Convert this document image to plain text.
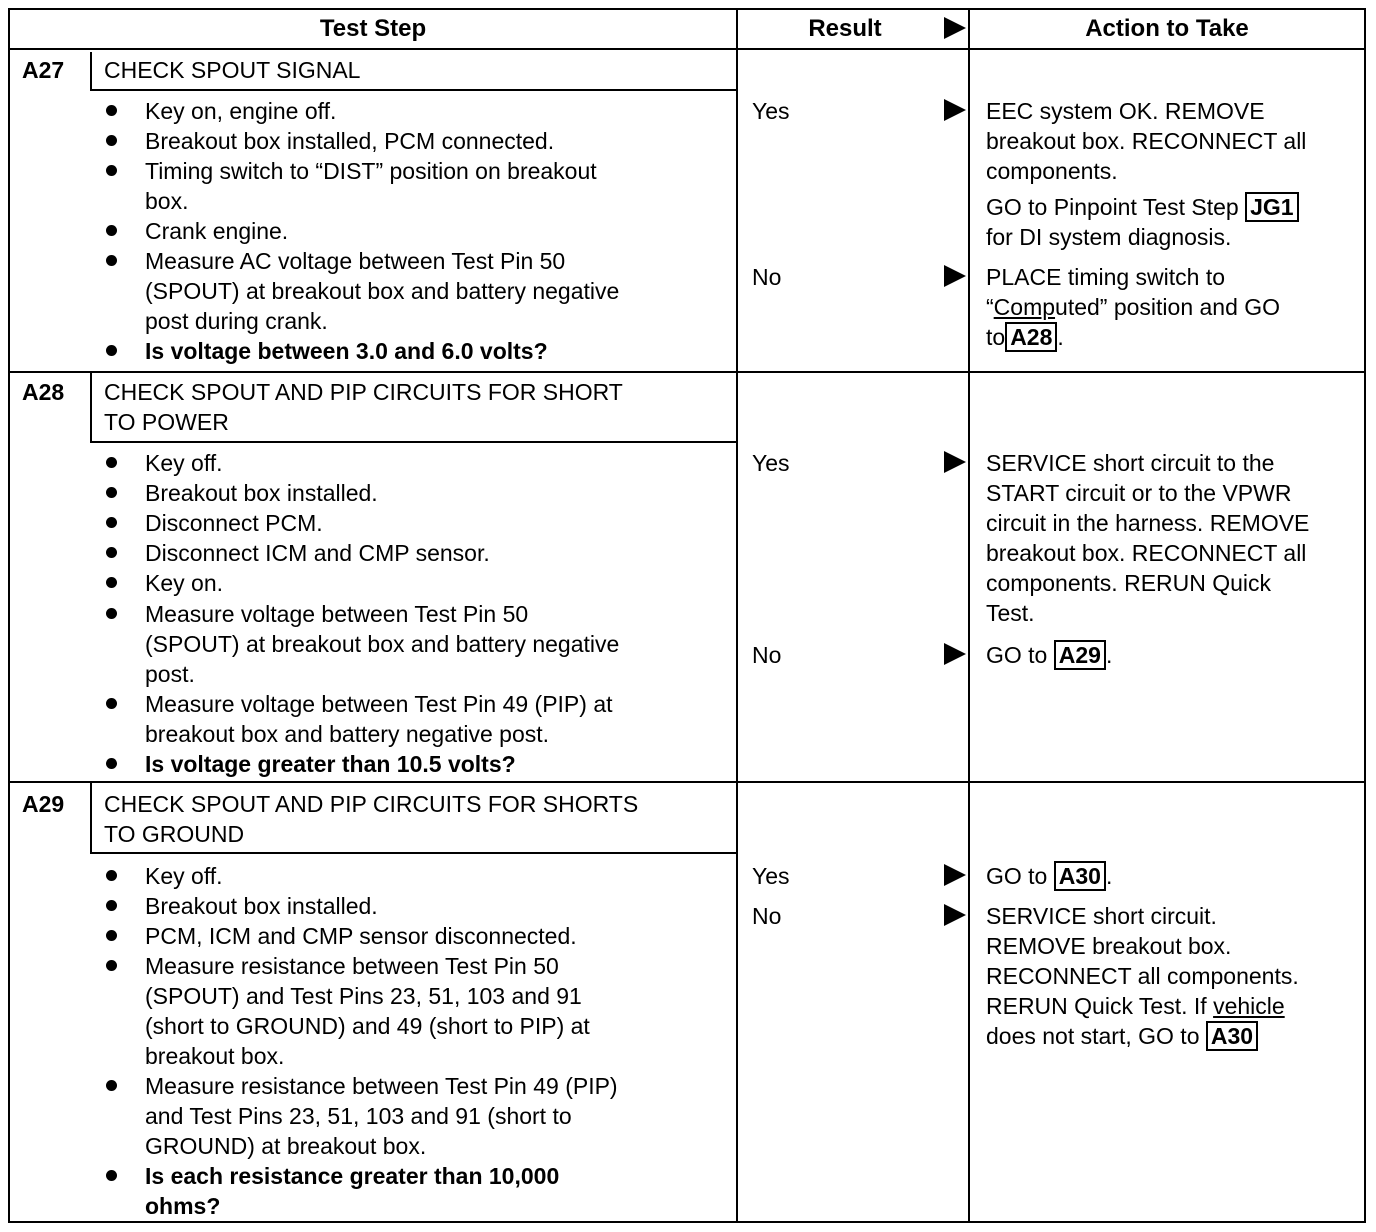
Test Step	Result	Action to Take
A27 CHECK SPOUT SIGNAL
Key on, engine off.
Breakout box installed, PCM connected.
Timing switch to “DIST” position on breakout
box.
Crank engine.
Measure AC voltage between Test Pin 50
(SPOUT) at breakout box and battery negative
post during crank.
Is voltage between 3.0 and 6.0 volts?
Yes
No
EEC system OK. REMOVE
breakout box. RECONNECT all
components.
GO to Pinpoint Test Step JG1
for DI system diagnosis.
PLACE timing switch to
“Computed” position and GO
to A28 .
A28 CHECK SPOUT AND PIP CIRCUITS FOR SHORT
TO POWER
Key off.
Breakout box installed.
Disconnect PCM.
Disconnect ICM and CMP sensor.
Key on.
Measure voltage between Test Pin 50
(SPOUT) at breakout box and battery negative
post.
Measure voltage between Test Pin 49 (PIP) at
breakout box and battery negative post.
Is voltage greater than 10.5 volts?
Yes
No
SERVICE short circuit to the
START circuit or to the VPWR
circuit in the harness. REMOVE
breakout box. RECONNECT all
components. RERUN Quick
Test.
GO to A29 .
A29 CHECK SPOUT AND PIP CIRCUITS FOR SHORTS
TO GROUND
Key off.
Breakout box installed.
PCM, ICM and CMP sensor disconnected.
Measure resistance between Test Pin 50
(SPOUT) and Test Pins 23, 51, 103 and 91
(short to GROUND) and 49 (short to PIP) at
breakout box.
Measure resistance between Test Pin 49 (PIP)
and Test Pins 23, 51, 103 and 91 (short to
GROUND) at breakout box.
Is each resistance greater than 10,000
ohms?
Yes
No
GO to A30 .
SERVICE short circuit.
REMOVE breakout box.
RECONNECT all components.
RERUN Quick Test. If vehicle
does not start, GO to A30
